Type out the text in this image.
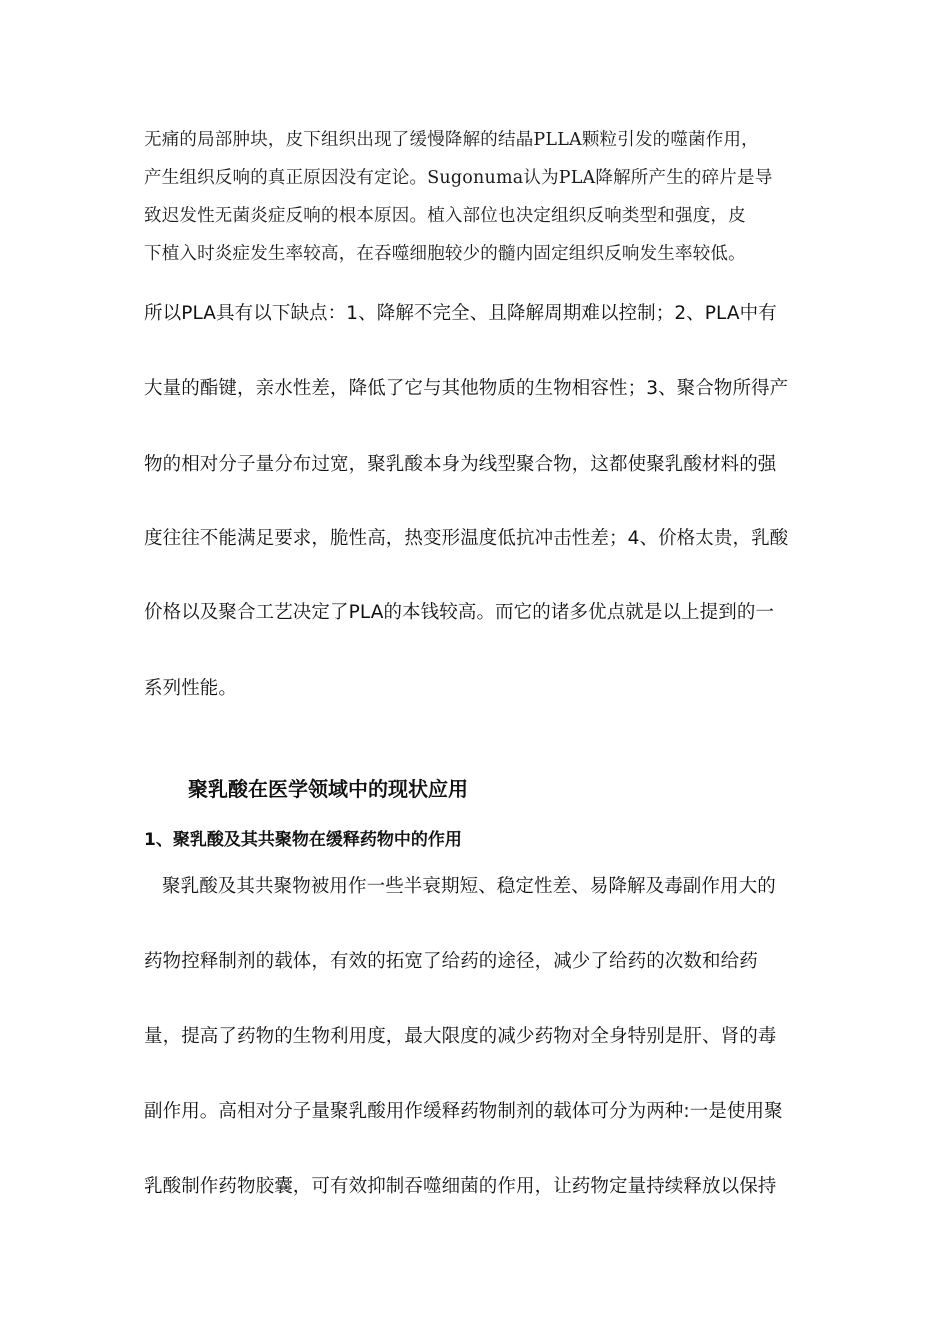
无痛的局部肿块，皮下组织出现了缓慢降解的结晶PLLA颗粒引发的噬菌作用，
产生组织反响的真正原因没有定论。Sugonuma认为PLA降解所产生的碎片是导
致迟发性无菌炎症反响的根本原因。植入部位也决定组织反响类型和强度，皮
下植入时炎症发生率较高，在吞噬细胞较少的髓内固定组织反响发生率较低。
所以PLA具有以下缺点：1、降解不完全、且降解周期难以控制；2、PLA中有
大量的酯键，亲水性差，降低了它与其他物质的生物相容性；3、聚合物所得产
物的相对分子量分布过宽，聚乳酸本身为线型聚合物，这都使聚乳酸材料的强
度往往不能满足要求，脆性高，热变形温度低抗冲击性差；4、价格太贵，乳酸
价格以及聚合工艺决定了PLA的本钱较高。而它的诸多优点就是以上提到的一
系列性能。
聚乳酸在医学领域中的现状应用
1、聚乳酸及其共聚物在缓释药物中的作用
聚乳酸及其共聚物被用作一些半衰期短、稳定性差、易降解及毒副作用大的
药物控释制剂的载体，有效的拓宽了给药的途径，减少了给药的次数和给药
量，提高了药物的生物利用度，最大限度的减少药物对全身特别是肝、肾的毒
副作用。高相对分子量聚乳酸用作缓释药物制剂的载体可分为两种:一是使用聚
乳酸制作药物胶囊，可有效抑制吞噬细菌的作用，让药物定量持续释放以保持
